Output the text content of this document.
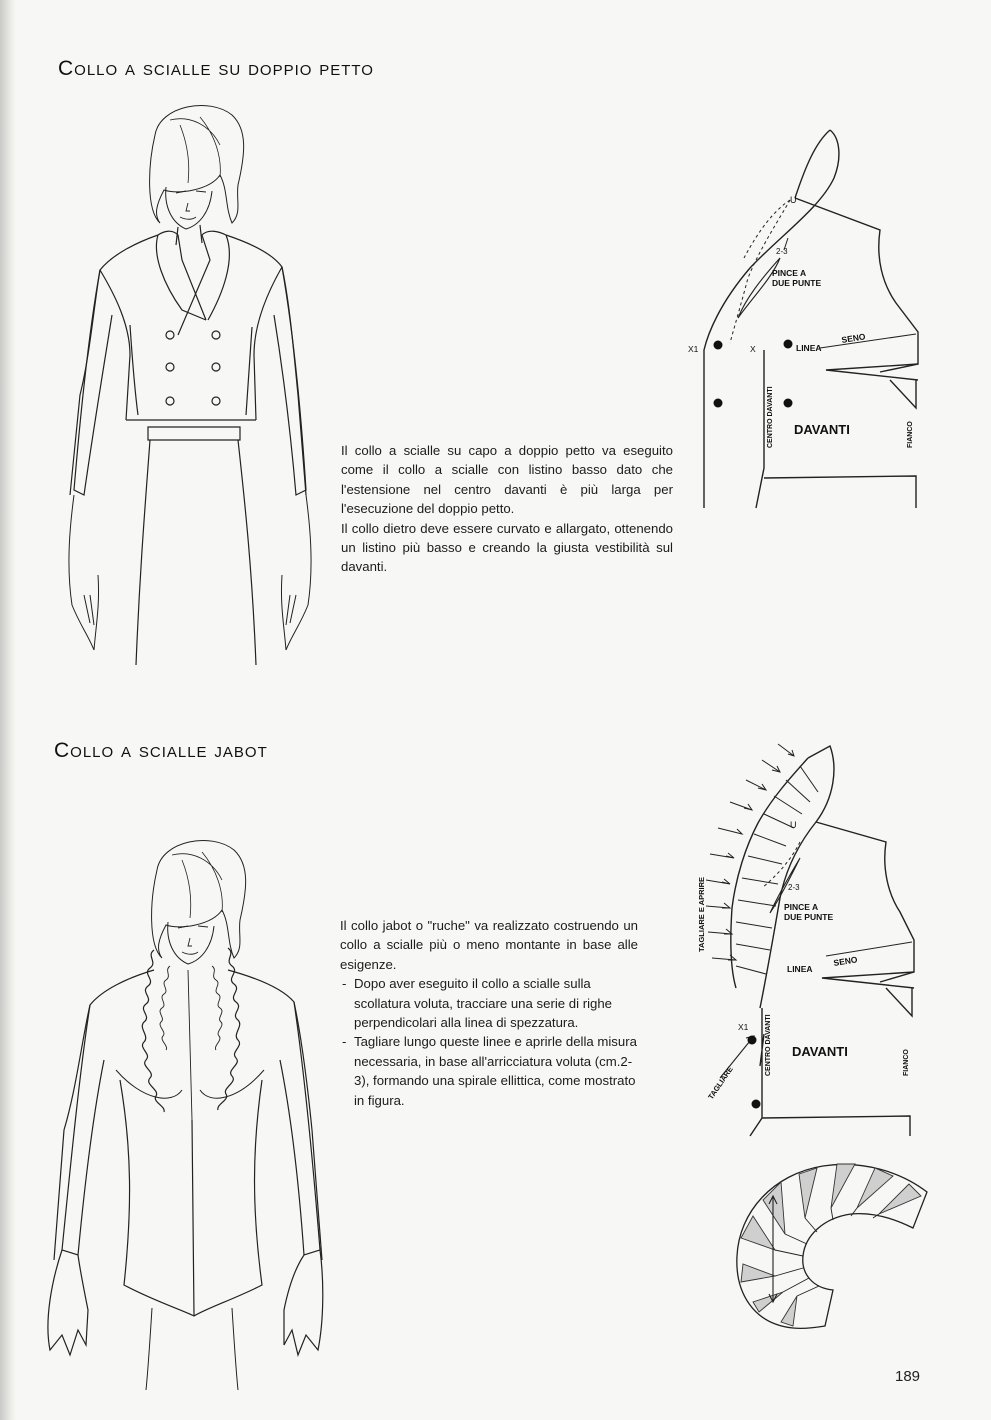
Collo a scialle su doppio petto

Il collo a scialle su capo a doppio petto va eseguito come il collo a scialle con listino basso dato che l'estensione nel centro davanti è più larga per l'esecuzione del doppio petto.

Il collo dietro deve essere curvato e allargato, ottenendo un listino più basso e creando la giusta vestibilità sul davanti.

U
2-3
PINCE A
DUE PUNTE
X1	X	LINEA
SENO
CENTRO DAVANTI DAVANTI	FIANCO
Collo a scialle jabot

Il collo jabot o "ruche" va realizzato costruendo un collo a scialle più o meno montante in base alle esigenze.

- Dopo aver eseguito il collo a scialle sulla scollatura voluta, tracciare una serie di righe perpendicolari alla linea di spezzatura.
- Tagliare lungo queste linee e aprirle della misura necessaria, in base all'arricciatura voluta (cm.2-3), formando una spirale ellittica, come mostrato in figura.
U
2-3
PINCE A
DUE PUNTE
LINEA
SENO
X1 CENTRO DAVANTI DAVANTI	FIANCO
TAGLIARE E APRIRE
TAGLIARE
189
